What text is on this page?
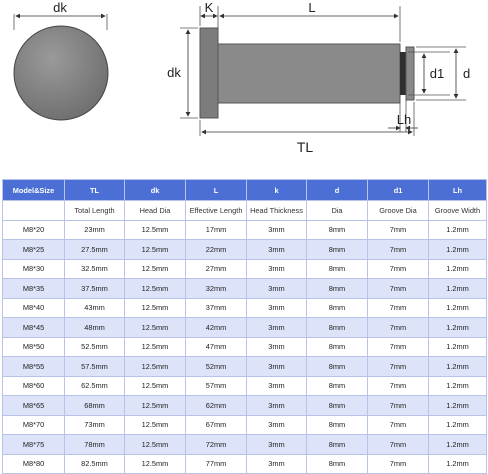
dk	K	L
dk	d1 d
Lh
TL
Model&Size	TL	dk	L	k	d	d1	Lh
	Total Length	Head Dia	Effective Length	Head Thickness	Dia	Groove Dia	Groove Width
M8*20	23mm	12.5mm	17mm	3mm	8mm	7mm	1.2mm
M8*25	27.5mm	12.5mm	22mm	3mm	8mm	7mm	1.2mm
M8*30	32.5mm	12.5mm	27mm	3mm	8mm	7mm	1.2mm
M8*35	37.5mm	12.5mm	32mm	3mm	8mm	7mm	1.2mm
M8*40	43mm	12.5mm	37mm	3mm	8mm	7mm	1.2mm
M8*45	48mm	12.5mm	42mm	3mm	8mm	7mm	1.2mm
M8*50	52.5mm	12.5mm	47mm	3mm	8mm	7mm	1.2mm
M8*55	57.5mm	12.5mm	52mm	3mm	8mm	7mm	1.2mm
M8*60	62.5mm	12.5mm	57mm	3mm	8mm	7mm	1.2mm
M8*65	68mm	12.5mm	62mm	3mm	8mm	7mm	1.2mm
M8*70	73mm	12.5mm	67mm	3mm	8mm	7mm	1.2mm
M8*75	78mm	12.5mm	72mm	3mm	8mm	7mm	1.2mm
M8*80	82.5mm	12.5mm	77mm	3mm	8mm	7mm	1.2mm
